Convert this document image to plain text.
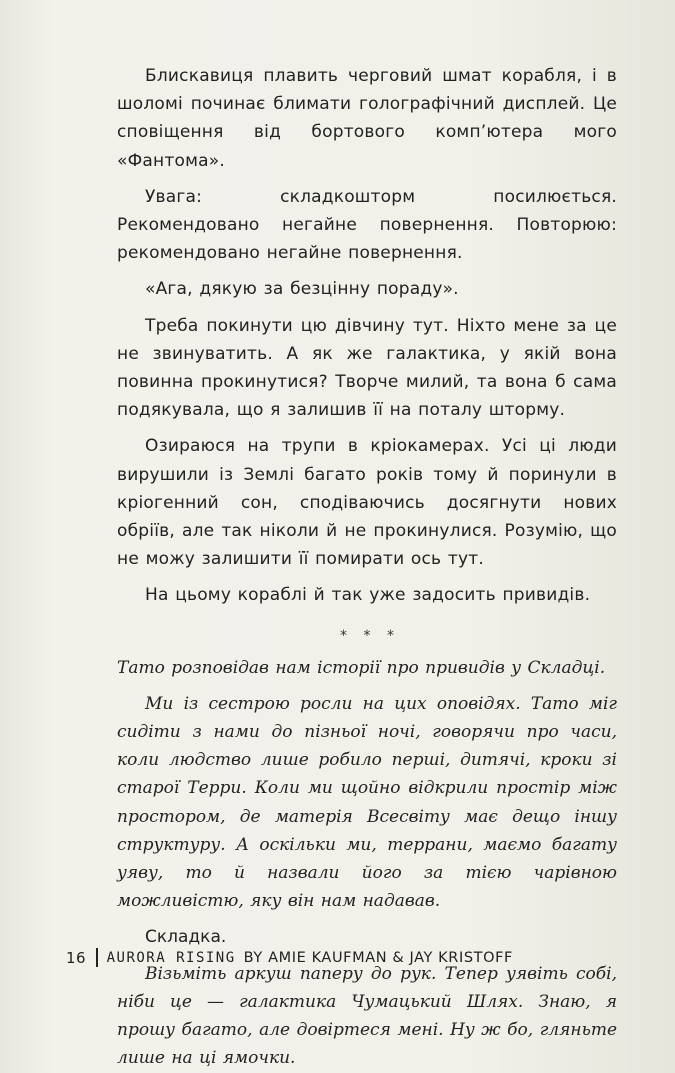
Блискавиця плавить черговий шмат корабля, і в шоломі починає блимати голографічний дисплей. Це сповіщення від бортового комп’ютера мого «Фантома».

Увага: складкошторм посилюється. Рекомендовано негайне повернення. Повторюю: рекомендовано негайне повернення.

«Ага, дякую за безцінну пораду».

Треба покинути цю дівчину тут. Ніхто мене за це не звинуватить. А як же галактика, у якій вона повинна прокинутися? Творче милий, та вона б сама подякувала, що я залишив її на поталу шторму.

Озираюся на трупи в кріокамерах. Усі ці люди вирушили із Землі багато років тому й поринули в кріогенний сон, сподіваючись досягнути нових обріїв, але так ніколи й не прокинулися. Розумію, що не можу залишити її помирати ось тут.

На цьому кораблі й так уже задосить привидів.

* * *

Тато розповідав нам історії про привидів у Складці.

Ми із сестрою росли на цих оповідях. Тато міг сидіти з нами до пізньої ночі, говорячи про часи, коли людство лише робило перші, дитячі, кроки зі старої Терри. Коли ми щойно відкрили простір між простором, де матерія Всесвіту має дещо іншу структуру. А оскільки ми, террани, маємо багату уяву, то й назвали його за тією чарівною можливістю, яку він нам надавав.

Складка.

Візьміть аркуш паперу до рук. Тепер уявіть собі, ніби це — галактика Чумацький Шлях. Знаю, я прошу багато, але довіртеся мені. Ну ж бо, гляньте лише на ці ямочки.

16 AURORA RISING BY AMIE KAUFMAN & JAY KRISTOFF
